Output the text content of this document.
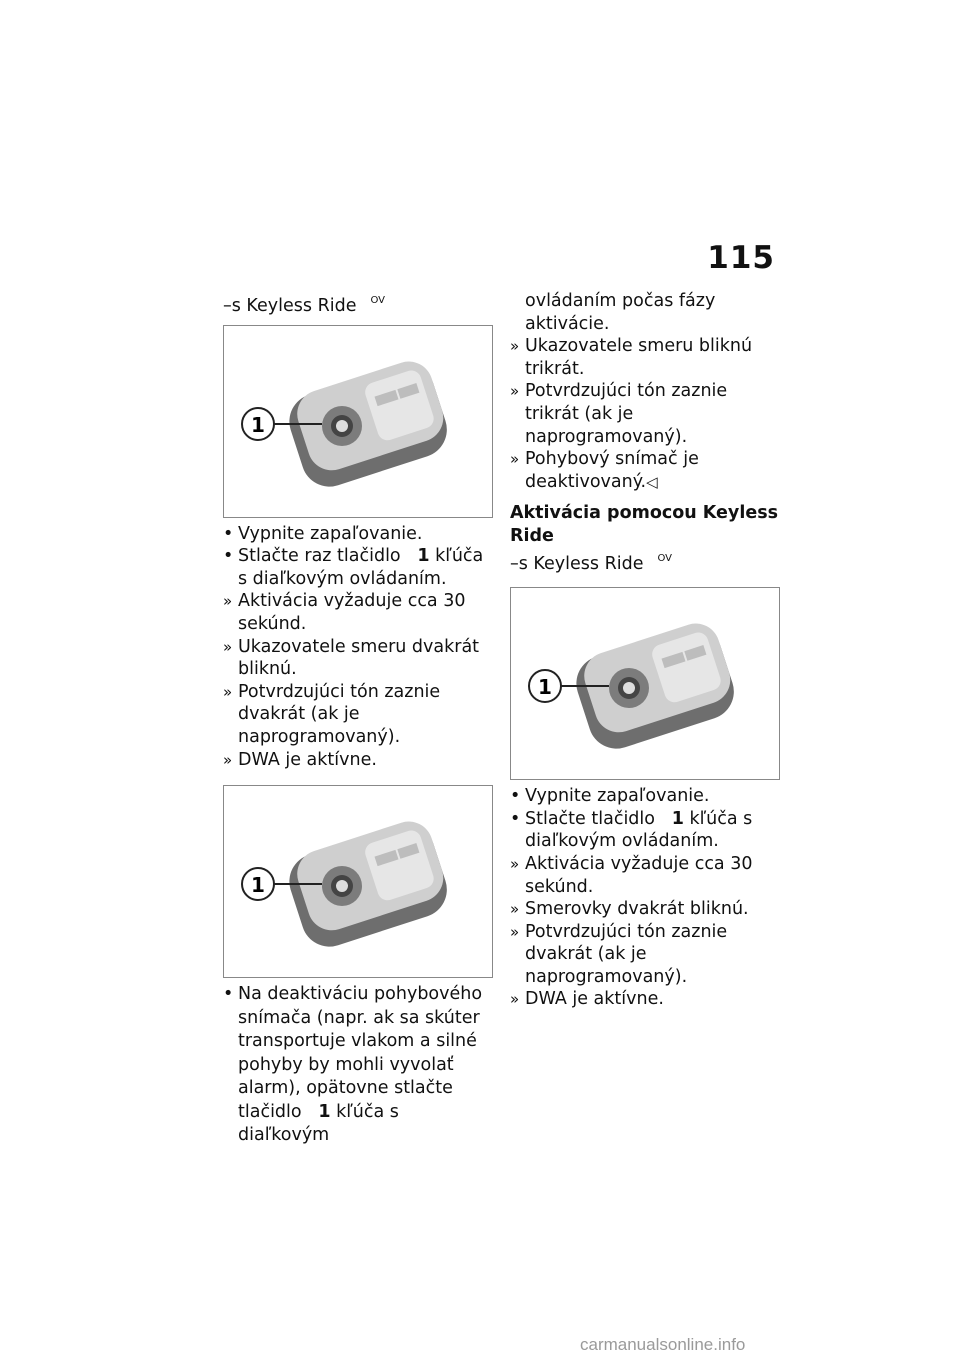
115
–s Keyless Ride $^{OV}$
1
• Vypnite zapaľovanie.
• Stlačte raz tlačidlo 1 kľúča s diaľkovým ovládaním.
» Aktivácia vyžaduje cca 30 sekúnd.
» Ukazovatele smeru dvakrát bliknú.
» Potvrdzujúci tón zaznie dvakrát (ak je naprogramovaný).
» DWA je aktívne.
1
• Na deaktiváciu pohybového snímača (napr. ak sa skúter transportuje vlakom a silné pohyby by mohli vyvolať alarm), opätovne stlačte tlačidlo 1 kľúča s diaľkovým
ovládaním počas fázy aktivácie.
» Ukazovatele smeru bliknú trikrát.
» Potvrdzujúci tón zaznie trikrát (ak je naprogramovaný).
» Pohybový snímač je deaktivovaný.◁
Aktivácia pomocou Keyless Ride
–s Keyless Ride $^{OV}$
1
• Vypnite zapaľovanie.
• Stlačte tlačidlo 1 kľúča s diaľkovým ovládaním.
» Aktivácia vyžaduje cca 30 sekúnd.
» Smerovky dvakrát bliknú.
» Potvrdzujúci tón zaznie dvakrát (ak je naprogramovaný).
» DWA je aktívne.
carmanualsonline.info
